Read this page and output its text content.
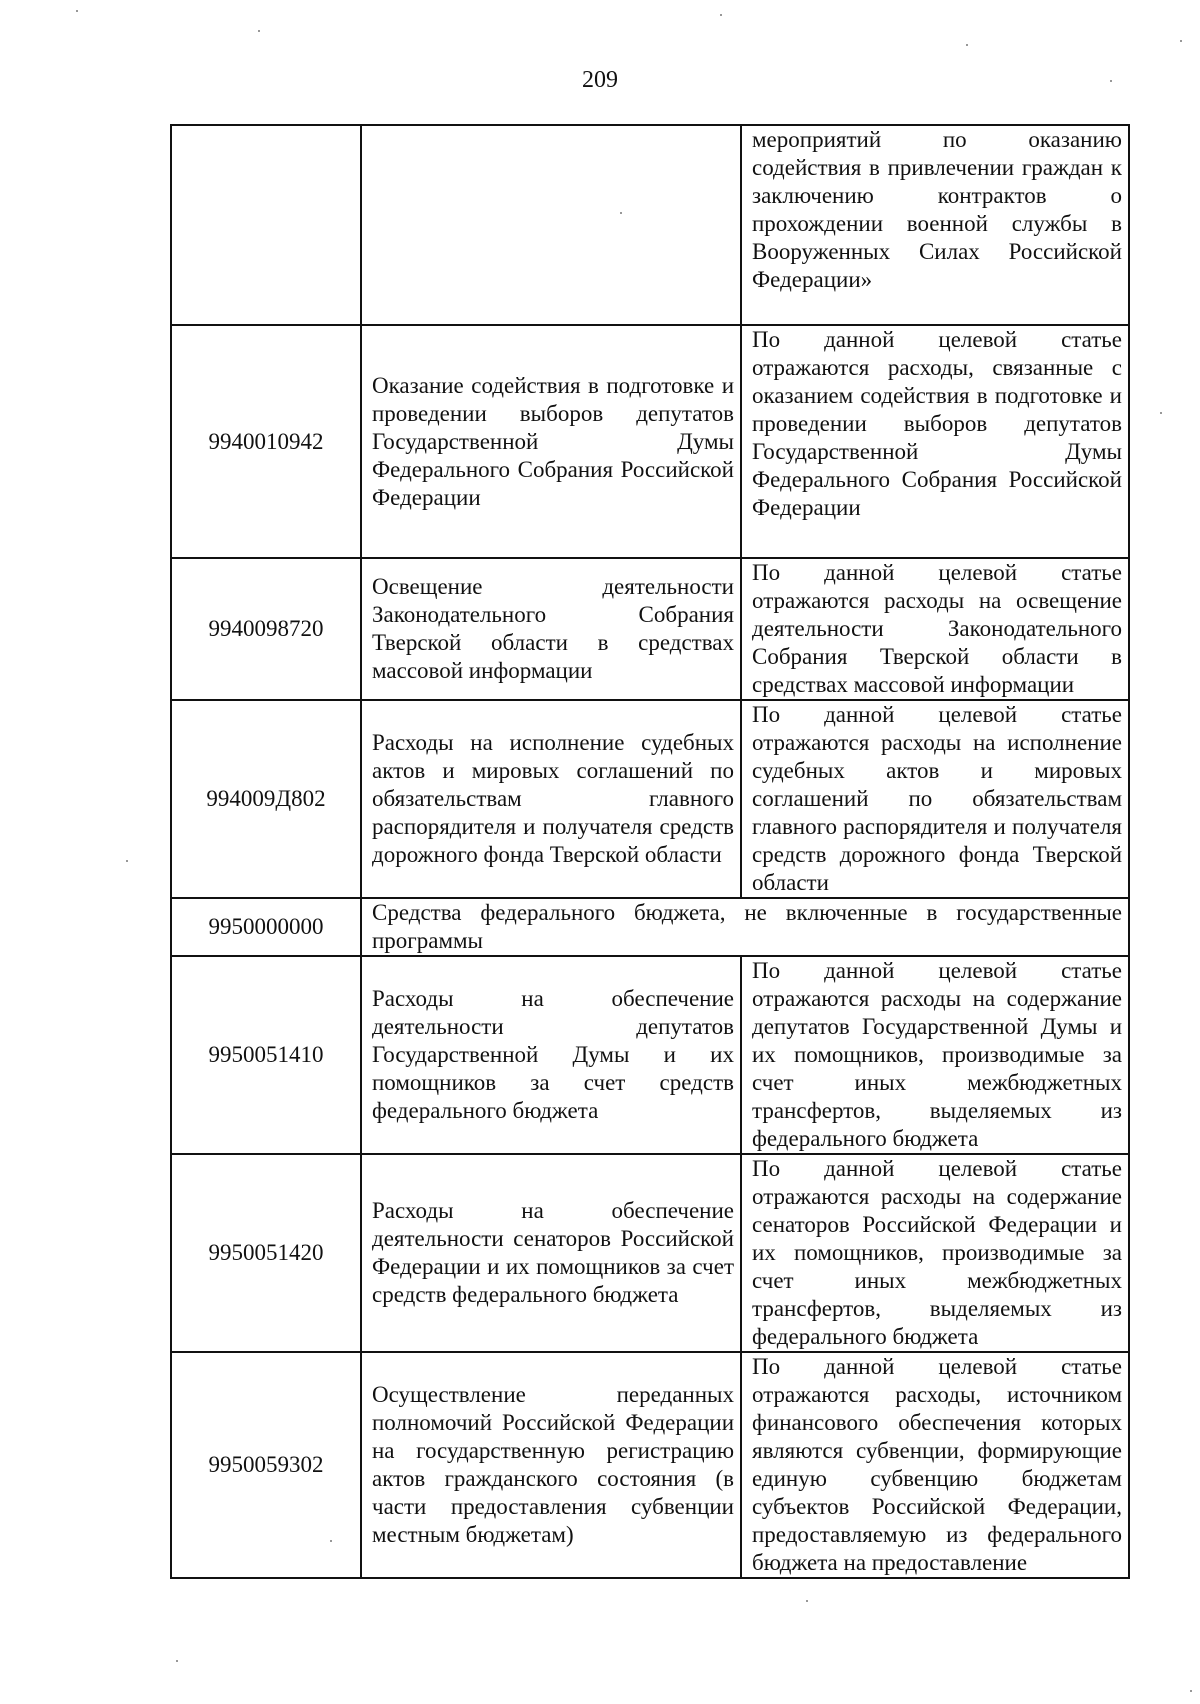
209
		мероприятий по оказанию содействия в привлечении граждан к заключению контрактов о прохождении военной службы в Вооруженных Силах Российской Федерации»
9940010942	Оказание содействия в подготовке и проведении выборов депутатов Государственной Думы Федерального Собрания Российской Федерации	По данной целевой статье отражаются расходы, связанные с оказанием содействия в подготовке и проведении выборов депутатов Государственной Думы Федерального Собрания Российской Федерации
9940098720	Освещение деятельности Законодательного Собрания Тверской области в средствах массовой информации	По данной целевой статье отражаются расходы на освещение деятельности Законодательного Собрания Тверской области в средствах массовой информации
994009Д802	Расходы на исполнение судебных актов и мировых соглашений по обязательствам главного распорядителя и получателя средств дорожного фонда Тверской области	По данной целевой статье отражаются расходы на исполнение судебных актов и мировых соглашений по обязательствам главного распорядителя и получателя средств дорожного фонда Тверской области
9950000000	Средства федерального бюджета, не включенные в государственные программы	
9950051410	Расходы на обеспечение деятельности депутатов Государственной Думы и их помощников за счет средств федерального бюджета	По данной целевой статье отражаются расходы на содержание депутатов Государственной Думы и их помощников, производимые за счет иных межбюджетных трансфертов, выделяемых из федерального бюджета
9950051420	Расходы на обеспечение деятельности сенаторов Российской Федерации и их помощников за счет средств федерального бюджета	По данной целевой статье отражаются расходы на содержание сенаторов Российской Федерации и их помощников, производимые за счет иных межбюджетных трансфертов, выделяемых из федерального бюджета
9950059302	Осуществление переданных полномочий Российской Федерации на государственную регистрацию актов гражданского состояния (в части предоставления субвенции местным бюджетам)	По данной целевой статье отражаются расходы, источником финансового обеспечения которых являются субвенции, формирующие единую субвенцию бюджетам субъектов Российской Федерации, предоставляемую из федерального бюджета на предоставление
